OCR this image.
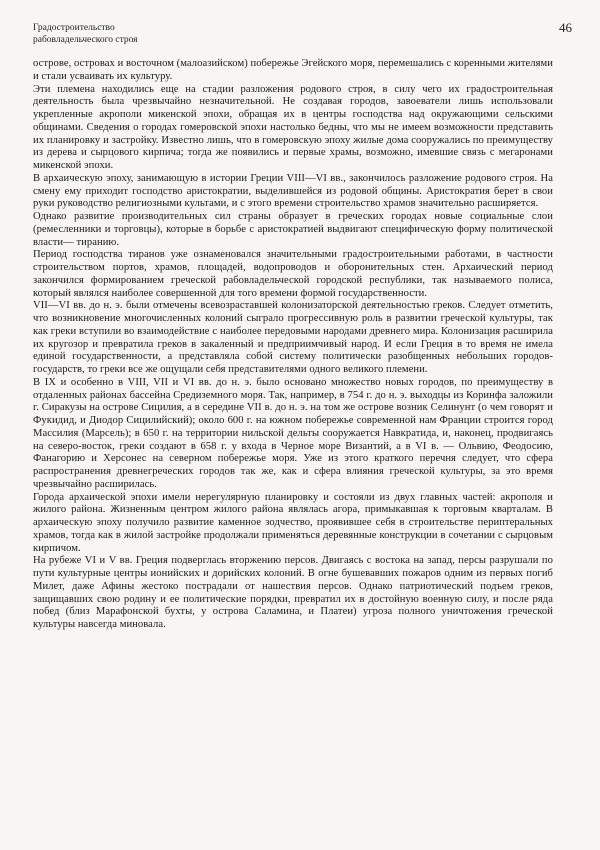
Градостроительство
рабовладельческого строя
46

острове, островах и восточном (малоазийском) побережье Эгейского моря, перемешались с коренными жителями и стали усваивать их культуру.

Эти племена находились еще на стадии разложения родового строя, в силу чего их градостроительная деятельность была чрезвычайно незначительной. Не создавая городов, завоеватели лишь использовали укрепленные акрополи микенской эпохи, обращая их в центры господства над окружающими сельскими общинами. Сведения о городах гомеровской эпохи настолько бедны, что мы не имеем возможности представить их планировку и застройку. Известно лишь, что в гомеровскую эпоху жилые дома сооружались по преимуществу из дерева и сырцового кирпича; тогда же появились и первые храмы, возможно, имевшие связь с мегаронами микенской эпохи.

В архаическую эпоху, занимающую в истории Греции VIII—VI вв., закончилось разложение родового строя. На смену ему приходит господство аристократии, выделившейся из родовой общины. Аристократия берет в свои руки руководство религиозными культами, и с этого времени строительство храмов значительно расширяется.

Однако развитие производительных сил страны образует в греческих городах новые социальные слои (ремесленники и торговцы), которые в борьбе с аристократией выдвигают специфическую форму политической власти— тиранию.

Период господства тиранов уже ознаменовался значительными градостроительными работами, в частности строительством портов, храмов, площадей, водопроводов и оборонительных стен. Архаический период закончился формированием греческой рабовладельческой городской республики, так называемого полиса, который являлся наиболее совершенной для того времени формой государственности.

VII—VI вв. до н. э. были отмечены всевозраставшей колонизаторской деятельностью греков. Следует отметить, что возникновение многочисленных колоний сыграло прогрессивную роль в развитии греческой культуры, так как греки вступили во взаимодействие с наиболее передовыми народами древнего мира. Колонизация расширила их кругозор и превратила греков в закаленный и предприимчивый народ. И если Греция в то время не имела единой государственности, а представляла собой систему политически разобщенных небольших городов-государств, то греки все же ощущали себя представителями одного великого племени.

В IX и особенно в VIII, VII и VI вв. до н. э. было основано множество новых городов, по преимуществу в отдаленных районах бассейна Средиземного моря. Так, например, в 754 г. до н. э. выходцы из Коринфа заложили г. Сиракузы на острове Сицилия, а в середине VII в. до н. э. на том же острове возник Селинунт (о чем говорят и Фукидид, и Диодор Сицилийский); около 600 г. на южном побережье современной нам Франции строится город Массилия (Марсель); в 650 г. на территории нильской дельты сооружается Навкратида, и, наконец, продвигаясь на северо-восток, греки создают в 658 г. у входа в Черное море Византий, а в VI в. — Ольвию, Феодосию, Фанагорию и Херсонес на северном побережье моря. Уже из этого краткого перечня следует, что сфера распространения древнегреческих городов так же, как и сфера влияния греческой культуры, за это время чрезвычайно расширилась.

Города архаической эпохи имели нерегулярную планировку и состояли из двух главных частей: акрополя и жилого района. Жизненным центром жилого района являлась агора, примыкавшая к торговым кварталам. В архаическую эпоху получило развитие каменное зодчество, проявившее себя в строительстве периптеральных храмов, тогда как в жилой застройке продолжали применяться деревянные конструкции в сочетании с сырцовым кирпичом.

На рубеже VI и V вв. Греция подверглась вторжению персов. Двигаясь с востока на запад, персы разрушали по пути культурные центры ионийских и дорийских колоний. В огне бушевавших пожаров одним из первых погиб Милет, даже Афины жестоко пострадали от нашествия персов. Однако патриотический подъем греков, защищавших свою родину и ее политические порядки, превратил их в достойную военную силу, и после ряда побед (близ Марафонской бухты, у острова Саламина, и Платеи) угроза полного уничтожения греческой культуры навсегда миновала.
